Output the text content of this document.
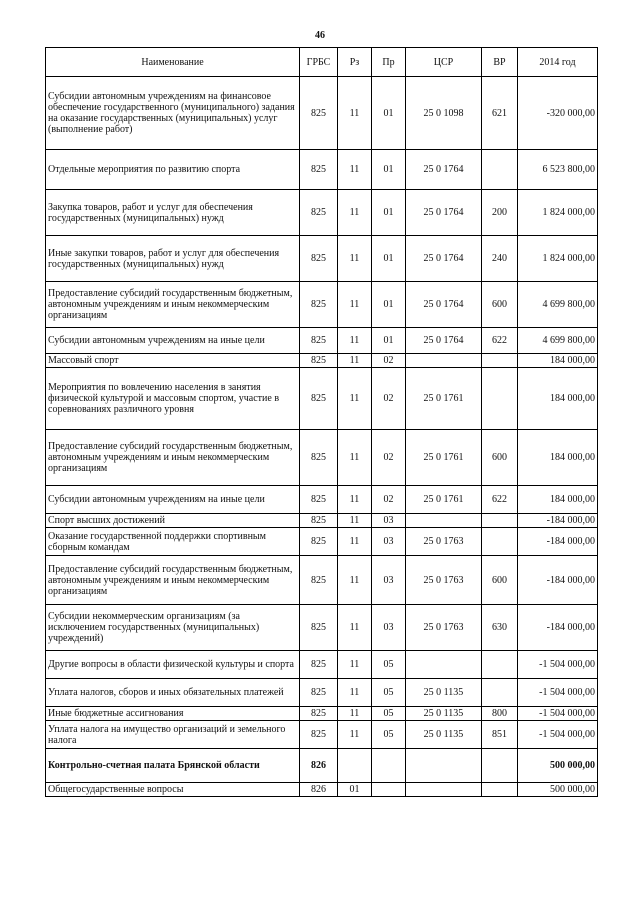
46
Наименование	ГРБС	Рз	Пр	ЦСР	ВР	2014 год
Субсидии автономным учреждениям на финансовое обеспечение государственного (муниципального) задания на оказание государственных (муниципальных) услуг (выполнение работ)	825	11	01	25 0 1098	621	-320 000,00
Отдельные мероприятия по развитию спорта	825	11	01	25 0 1764		6 523 800,00
Закупка товаров, работ и услуг для обеспечения государственных (муниципальных) нужд	825	11	01	25 0 1764	200	1 824 000,00
Иные закупки товаров, работ и услуг для обеспечения государственных (муниципальных) нужд	825	11	01	25 0 1764	240	1 824 000,00
Предоставление субсидий государственным бюджетным, автономным учреждениям и иным некоммерческим организациям	825	11	01	25 0 1764	600	4 699 800,00
Субсидии автономным учреждениям на иные цели	825	11	01	25 0 1764	622	4 699 800,00
Массовый спорт	825	11	02			184 000,00
Мероприятия по вовлечению населения в занятия физической культурой и массовым спортом, участие в соревнованиях различного уровня	825	11	02	25 0 1761		184 000,00
Предоставление субсидий государственным бюджетным, автономным учреждениям и иным некоммерческим организациям	825	11	02	25 0 1761	600	184 000,00
Субсидии автономным учреждениям на иные цели	825	11	02	25 0 1761	622	184 000,00
Спорт высших достижений	825	11	03			-184 000,00
Оказание государственной поддержки спортивным сборным командам	825	11	03	25 0 1763		-184 000,00
Предоставление субсидий государственным бюджетным, автономным учреждениям и иным некоммерческим организациям	825	11	03	25 0 1763	600	-184 000,00
Субсидии некоммерческим организациям (за исключением государственных (муниципальных) учреждений)	825	11	03	25 0 1763	630	-184 000,00
Другие вопросы в области физической культуры и спорта	825	11	05			-1 504 000,00
Уплата налогов, сборов и иных обязательных платежей	825	11	05	25 0 1135		-1 504 000,00
Иные бюджетные ассигнования	825	11	05	25 0 1135	800	-1 504 000,00
Уплата налога на имущество организаций и земельного налога	825	11	05	25 0 1135	851	-1 504 000,00
Контрольно-счетная палата Брянской области	826					500 000,00
Общегосударственные вопросы	826	01				500 000,00
